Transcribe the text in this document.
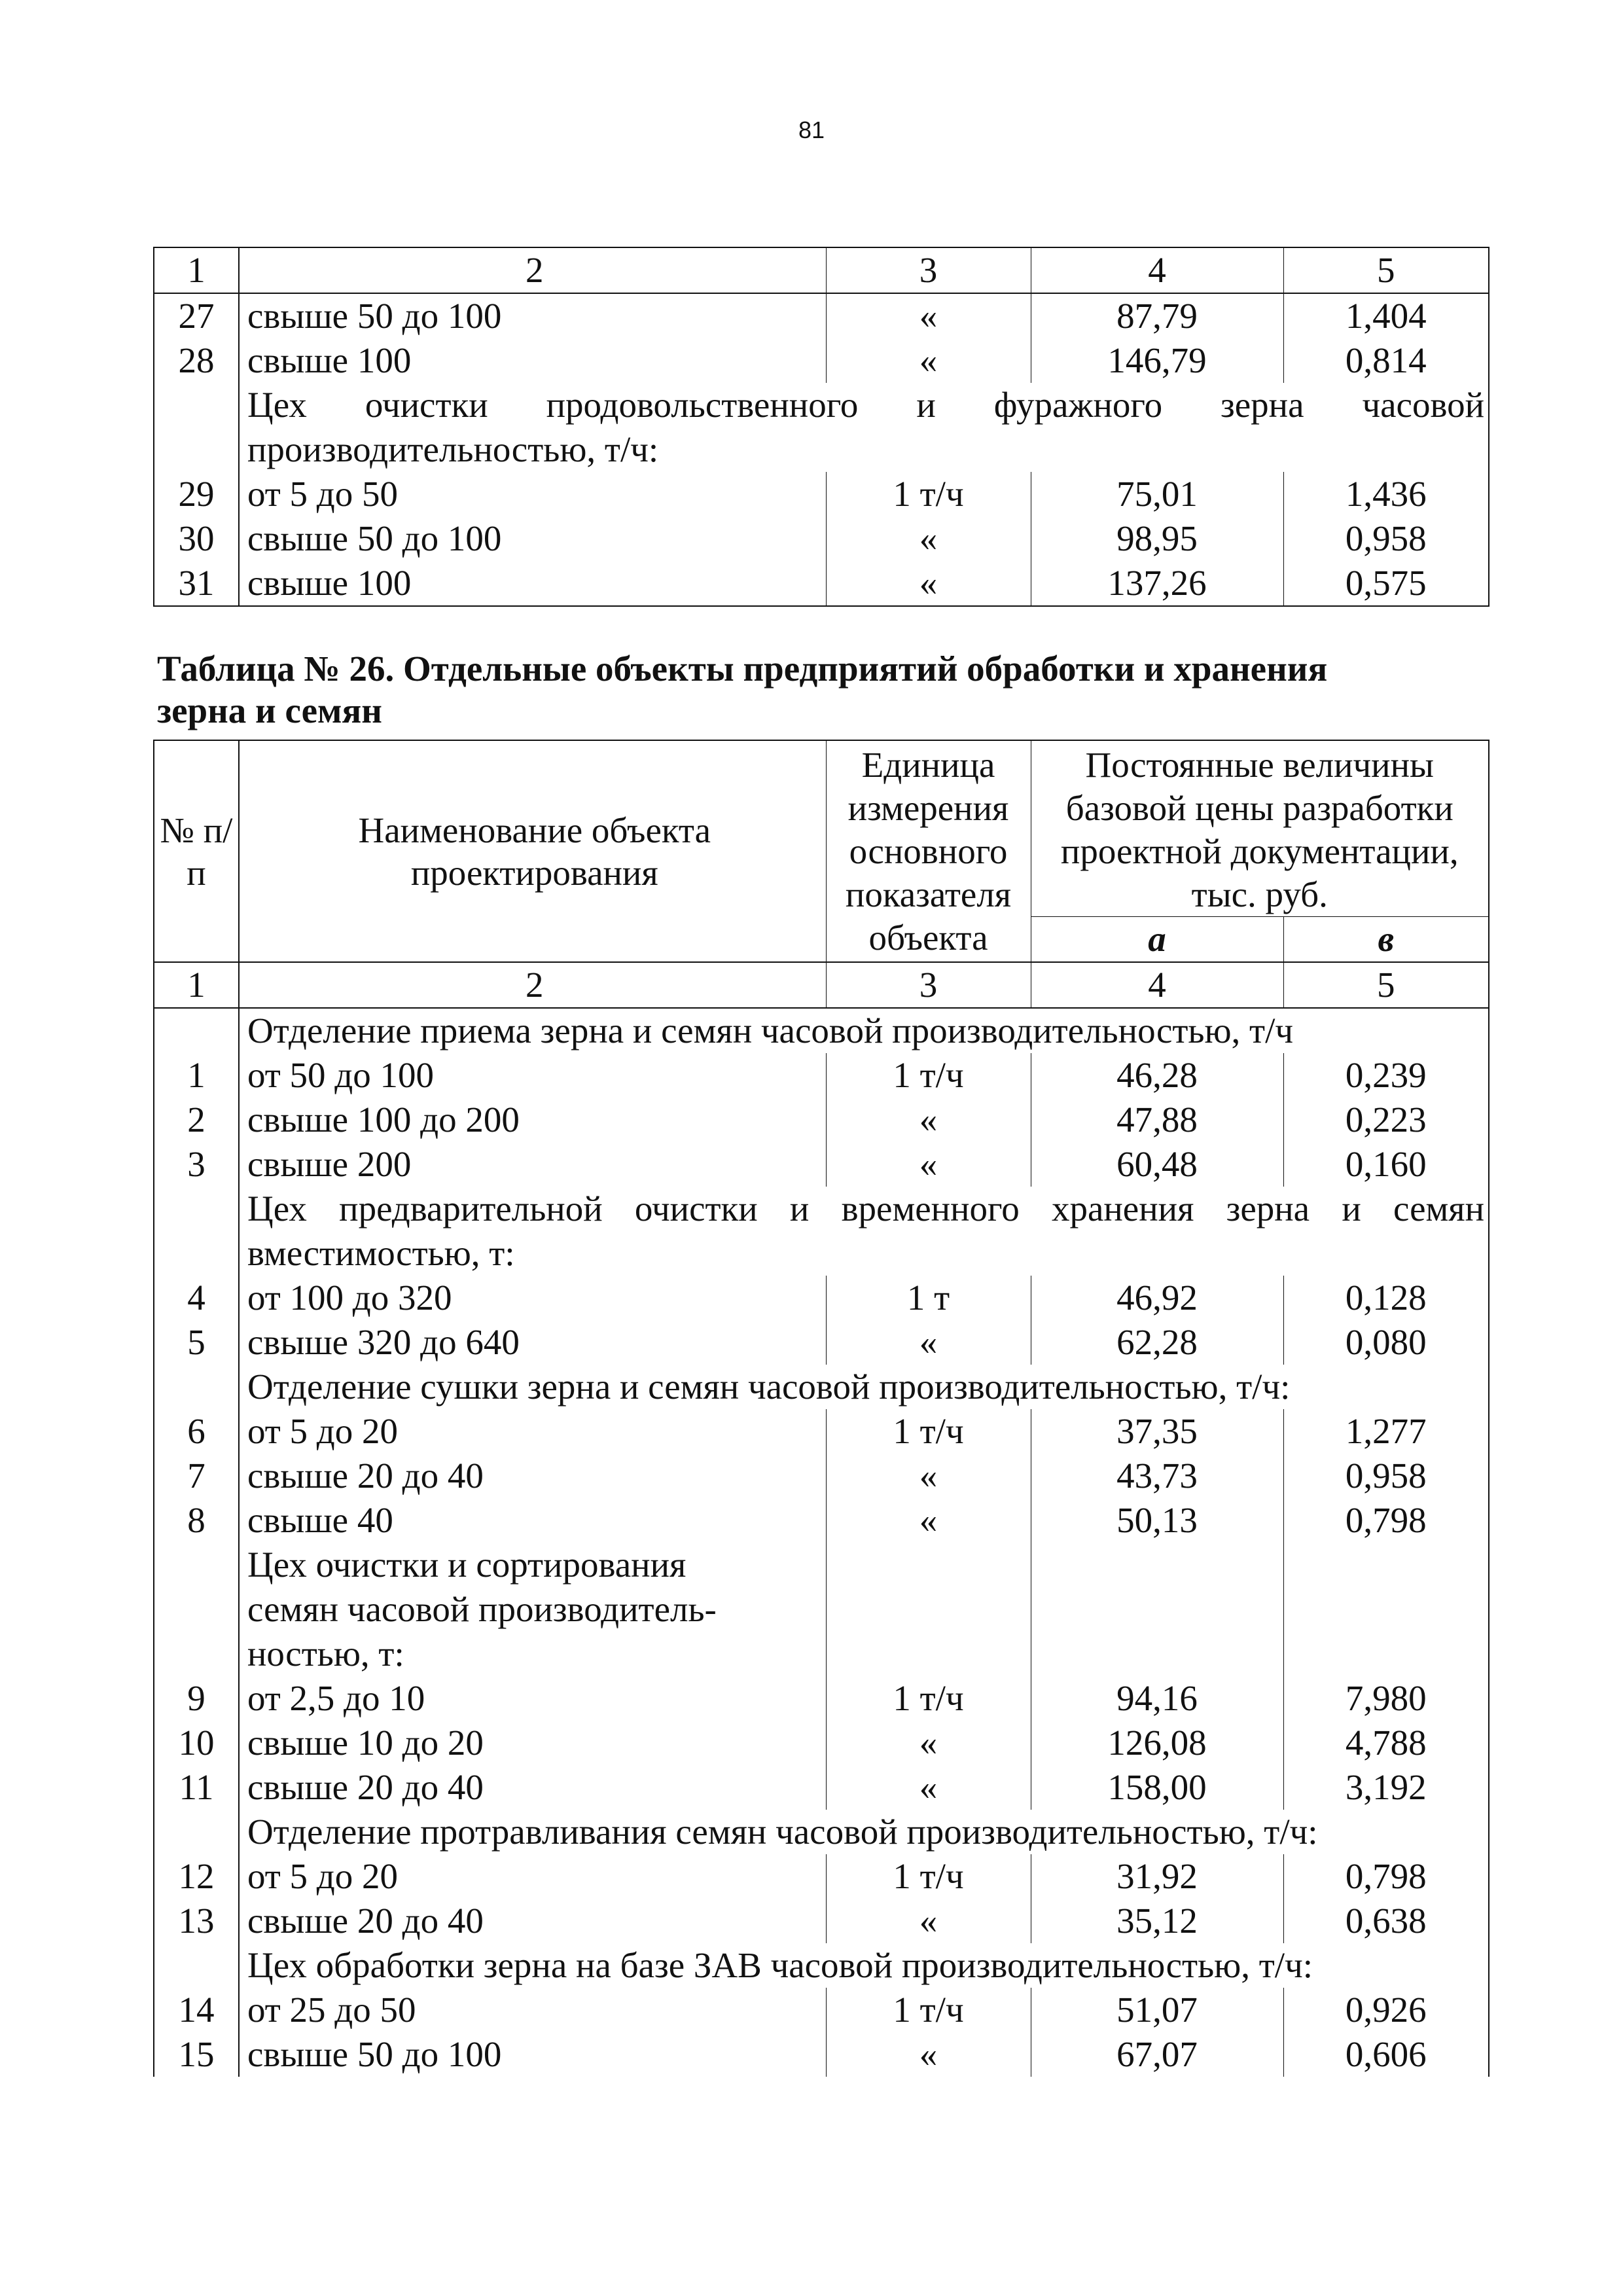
81
1	2	3	4	5
27	свыше 50 до 100	«	87,79	1,404
28	свыше 100	«	146,79	0,814
	Цех очистки продовольственного и фуражного зерна часовой производительностью, т/ч:			
29	от 5 до 50	1 т/ч	75,01	1,436
30	свыше 50 до 100	«	98,95	0,958
31	свыше 100	«	137,26	0,575
Таблица № 26. Отдельные объекты предприятий обработки и хранения
зерна и семян
№ п/п	Наименование объекта проектирования	Единица измерения основного показателя объекта	Постоянные величины базовой цены разработки проектной документации, тыс. руб.	
			а	в
1	2	3	4	5
	Отделение приема зерна и семян часовой производительностью, т/ч			
1	от 50 до 100	1 т/ч	46,28	0,239
2	свыше 100 до 200	«	47,88	0,223
3	свыше 200	«	60,48	0,160
	Цех предварительной очистки и временного хранения зерна и семян вместимостью, т:			
4	от 100 до 320	1 т	46,92	0,128
5	свыше 320 до 640	«	62,28	0,080
	Отделение сушки зерна и семян часовой производительностью, т/ч:			
6	от 5 до 20	1 т/ч	37,35	1,277
7	свыше 20 до 40	«	43,73	0,958
8	свыше 40	«	50,13	0,798

	Цех очистки и сортирования
семян часовой производитель-
ностью, т:			

9	от 2,5 до 10	1 т/ч	94,16	7,980
10	свыше 10 до 20	«	126,08	4,788
11	свыше 20 до 40	«	158,00	3,192
	Отделение протравливания семян часовой производительностью, т/ч:			
12	от 5 до 20	1 т/ч	31,92	0,798
13	свыше 20 до 40	«	35,12	0,638
	Цех обработки зерна на базе ЗАВ часовой производительностью, т/ч:			
14	от 25 до 50	1 т/ч	51,07	0,926
15	свыше 50 до 100	«	67,07	0,606
